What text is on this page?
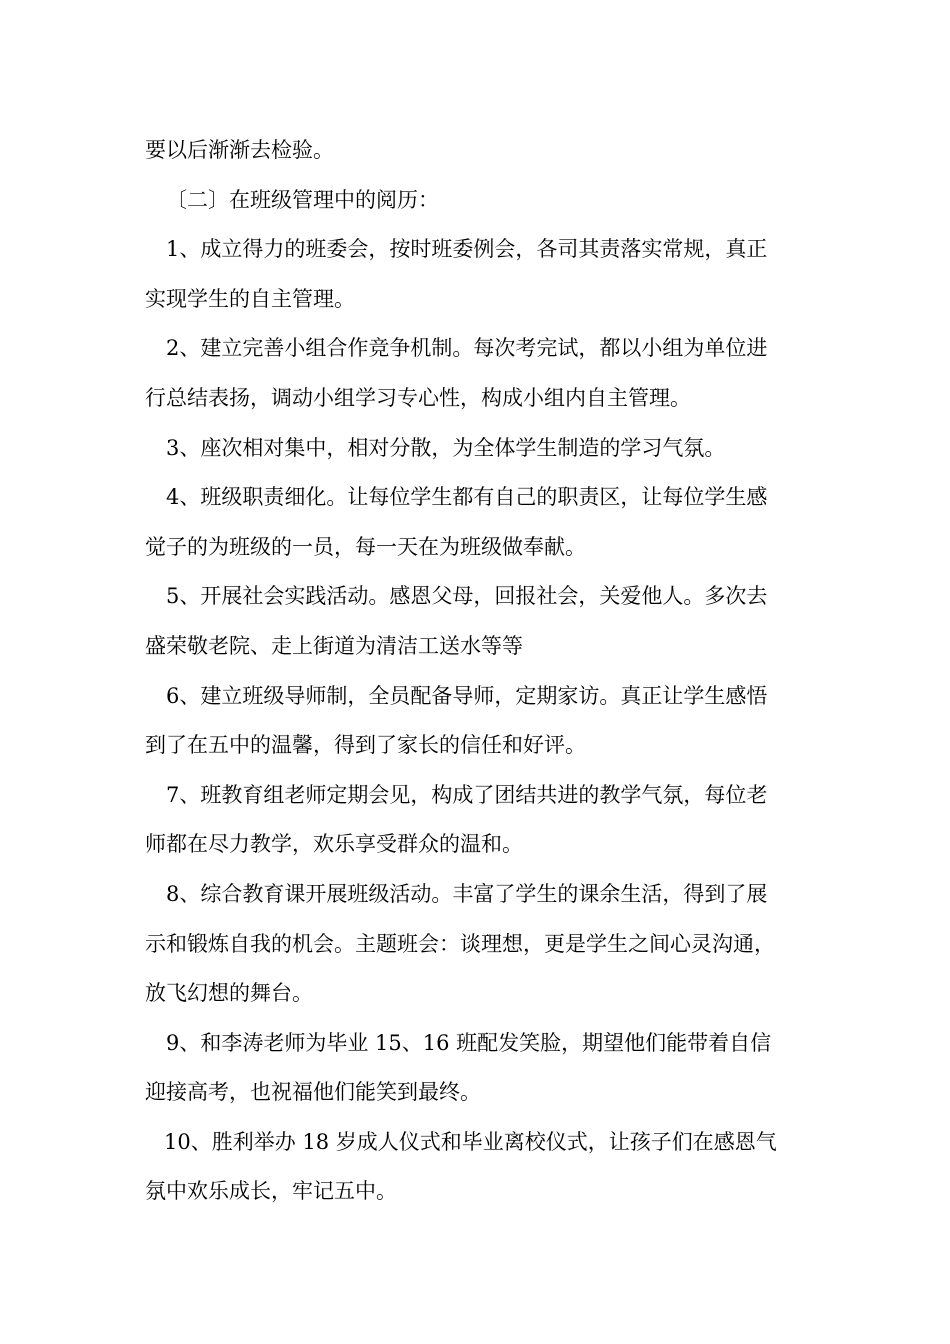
要以后渐渐去检验。
〔二〕在班级管理中的阅历：
1、成立得力的班委会，按时班委例会，各司其责落实常规，真正
实现学生的自主管理。
2、建立完善小组合作竞争机制。每次考完试，都以小组为单位进
行总结表扬，调动小组学习专心性，构成小组内自主管理。
3、座次相对集中，相对分散，为全体学生制造的学习气氛。
4、班级职责细化。让每位学生都有自己的职责区，让每位学生感
觉子的为班级的一员，每一天在为班级做奉献。
5、开展社会实践活动。感恩父母，回报社会，关爱他人。多次去
盛荣敬老院、走上街道为清洁工送水等等
6、建立班级导师制，全员配备导师，定期家访。真正让学生感悟
到了在五中的温馨，得到了家长的信任和好评。
7、班教育组老师定期会见，构成了团结共进的教学气氛，每位老
师都在尽力教学，欢乐享受群众的温和。
8、综合教育课开展班级活动。丰富了学生的课余生活，得到了展
示和锻炼自我的机会。主题班会：谈理想，更是学生之间心灵沟通，
放飞幻想的舞台。
9、和李涛老师为毕业 15、16 班配发笑脸，期望他们能带着自信
迎接高考，也祝福他们能笑到最终。
10、胜利举办 18 岁成人仪式和毕业离校仪式，让孩子们在感恩气
氛中欢乐成长，牢记五中。
